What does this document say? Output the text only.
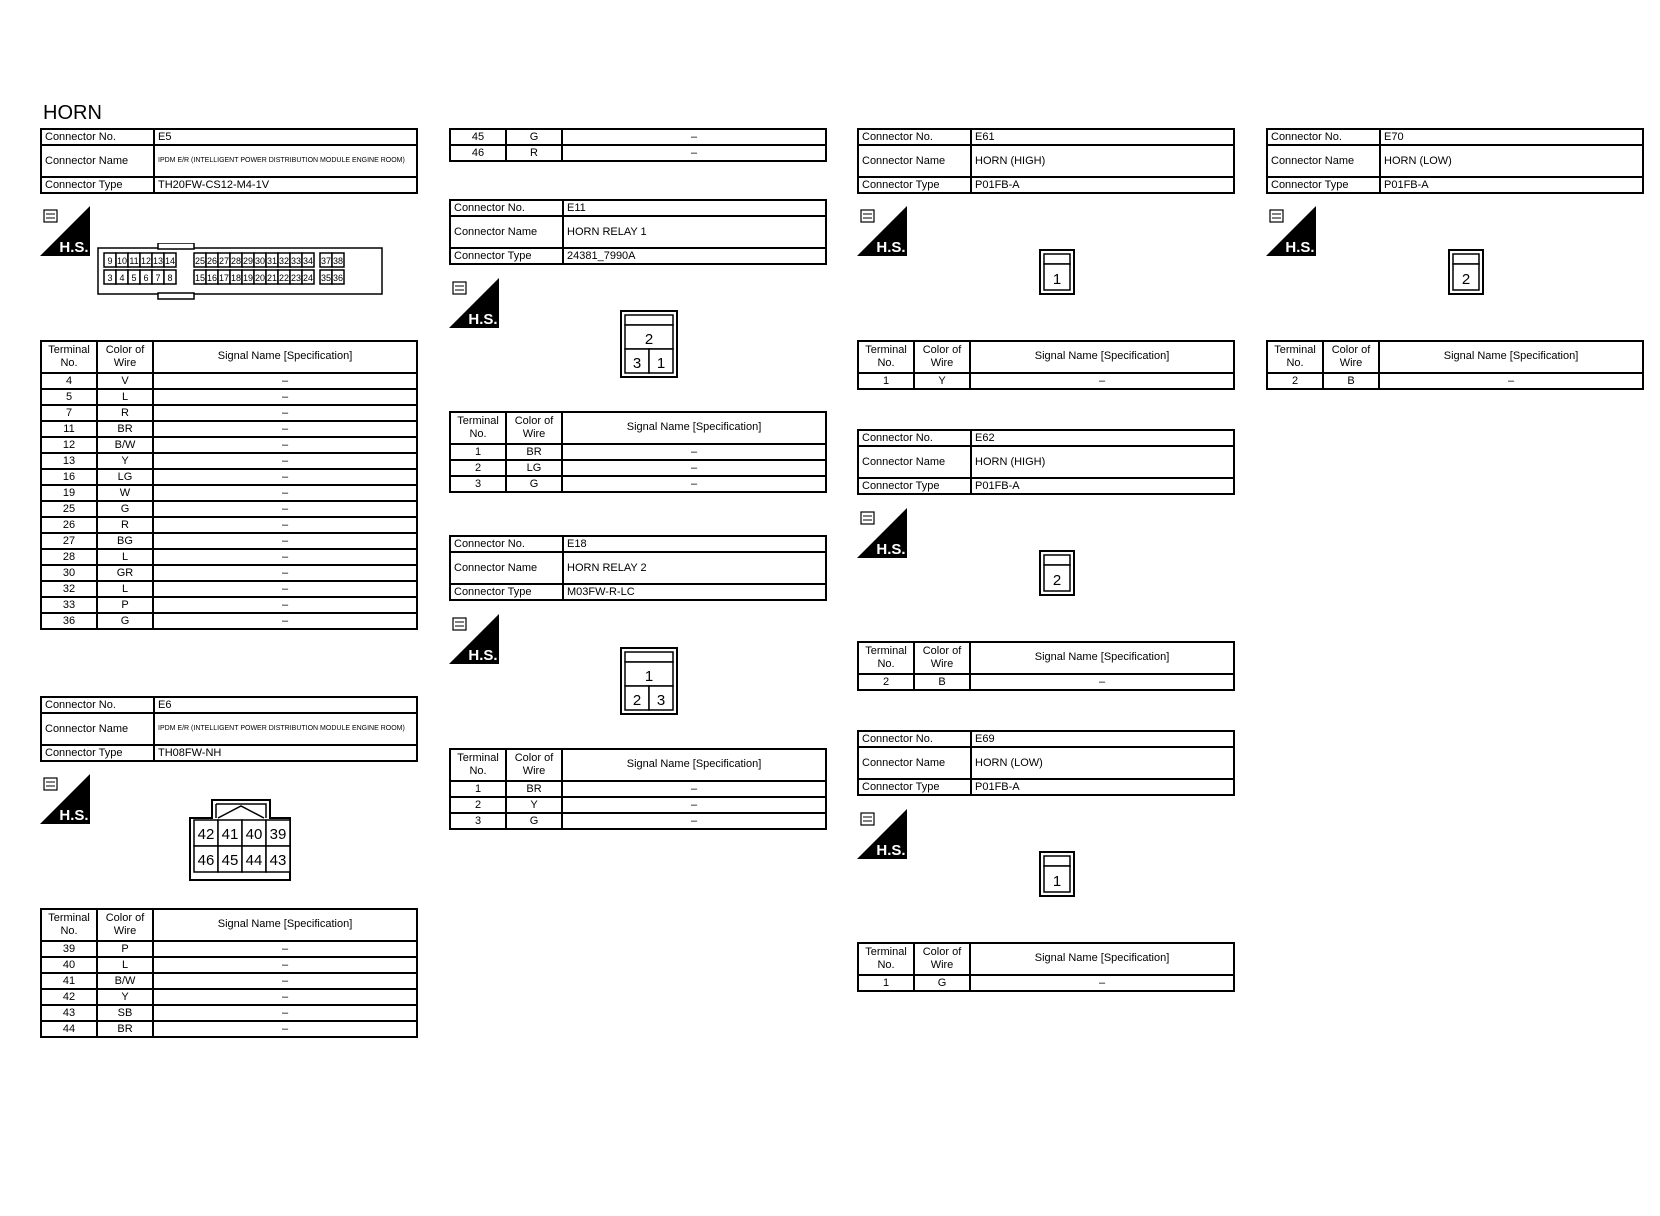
HORN
Connector No.	E5
Connector Name	IPDM E/R (INTELLIGENT POWER DISTRIBUTION MODULE ENGINE ROOM)
Connector Type	TH20FW-CS12-M4-1V
H.S.
9 10 11 12 13 14 25 26 27 28 29 30 31 32 33 34 37 38
3 4 5 6 7 8 15 16 17 18 19 20 21 22 23 24 35 36
Terminal No.	Color of Wire	Signal Name [Specification]
4	V	–
5	L	–
7	R	–
11	BR	–
12	B/W	–
13	Y	–
16	LG	–
19	W	–
25	G	–
26	R	–
27	BG	–
28	L	–
30	GR	–
32	L	–
33	P	–
36	G	–
Connector No.	E6
Connector Name	IPDM E/R (INTELLIGENT POWER DISTRIBUTION MODULE ENGINE ROOM)
Connector Type	TH08FW-NH
H.S.
42 41 40 39
46 45 44 43
Terminal No.	Color of Wire	Signal Name [Specification]
39	P	–
40	L	–
41	B/W	–
42	Y	–
43	SB	–
44	BR	–
45	G	–
46	R	–
Connector No.	E11
Connector Name	HORN RELAY 1
Connector Type	24381_7990A
H.S.
2
3 1
Terminal No.	Color of Wire	Signal Name [Specification]
1	BR	–
2	LG	–
3	G	–
Connector No.	E18
Connector Name	HORN RELAY 2
Connector Type	M03FW-R-LC
H.S.
1
2 3
Terminal No.	Color of Wire	Signal Name [Specification]
1	BR	–
2	Y	–
3	G	–
Connector No.	E61
Connector Name	HORN (HIGH)
Connector Type	P01FB-A
H.S.
1
Terminal No.	Color of Wire	Signal Name [Specification]
1	Y	–
Connector No.	E62
Connector Name	HORN (HIGH)
Connector Type	P01FB-A
H.S.
2
Terminal No.	Color of Wire	Signal Name [Specification]
2	B	–
Connector No.	E69
Connector Name	HORN (LOW)
Connector Type	P01FB-A
H.S.
1
Terminal No.	Color of Wire	Signal Name [Specification]
1	G	–
Connector No.	E70
Connector Name	HORN (LOW)
Connector Type	P01FB-A
H.S.
2
Terminal No.	Color of Wire	Signal Name [Specification]
2	B	–
